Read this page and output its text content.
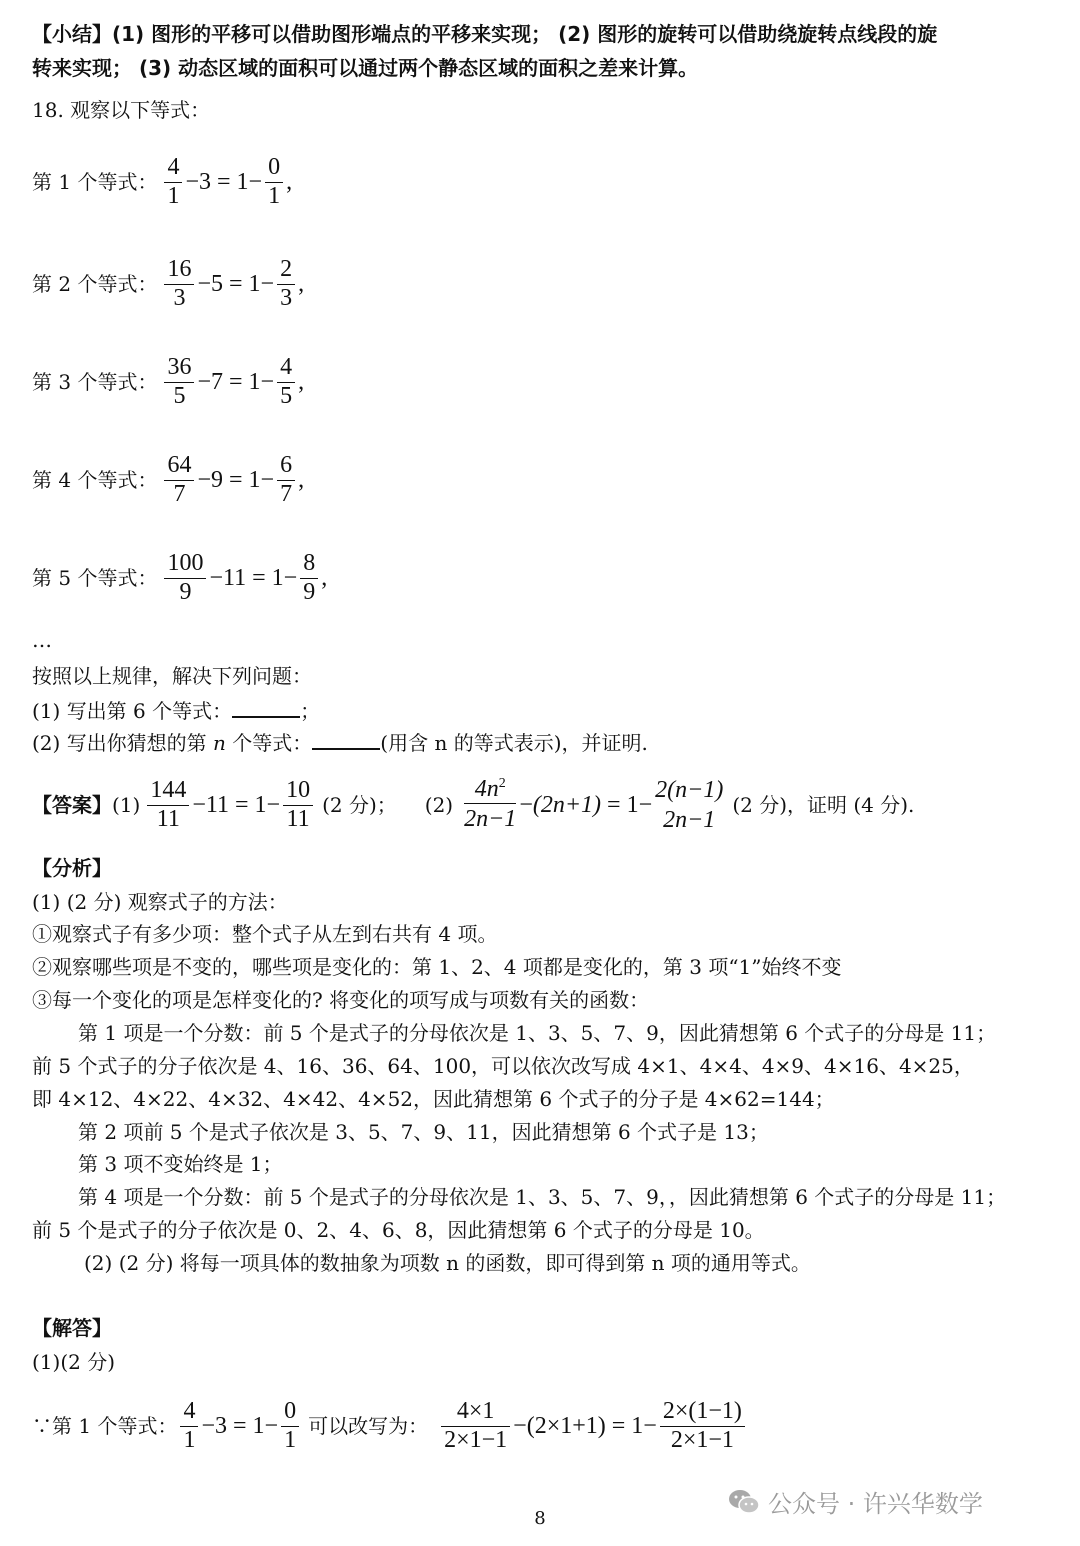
【小结】(1) 图形的平移可以借助图形端点的平移来实现； (2) 图形的旋转可以借助绕旋转点线段的旋
转来实现； (3) 动态区域的面积可以通过两个静态区域的面积之差来计算。
18. 观察以下等式：
第 1 个等式： $\frac{4}{1} - 3 = 1- \frac{0}{1}$ ,
第 2 个等式： $\frac{16}{3} - 5 = 1- \frac{2}{3}$ ,
第 3 个等式： $\frac{36}{5} - 7 = 1- \frac{4}{5}$ ,
第 4 个等式： $\frac{64}{7} - 9 = 1- \frac{6}{7}$ ,
第 5 个等式： $\frac{100}{9} - 11 = 1- \frac{8}{9}$ ,
…
按照以上规律，解决下列问题：
(1) 写出第 6 个等式：	；
(2) 写出你猜想的第 n 个等式：	(用含 n 的等式表示)，并证明.
【答案】 $(1) \frac{144}{11} - 11 = 1- \frac{10}{11} (2$ 分)； $(2) \frac{4n^2}{2n-1} - (2n+1) = 1-$
2(n−1)
2n−1
(2 分)，证明 (4 分).
【分析】
(1) (2 分) 观察式子的方法：
①观察式子有多少项：整个式子从左到右共有 4 项。
②观察哪些项是不变的，哪些项是变化的：第 1、2、4 项都是变化的，第 3 项“1”始终不变
③每一个变化的项是怎样变化的? 将变化的项写成与项数有关的函数：
第 1 项是一个分数：前 5 个是式子的分母依次是 1、3、5、7、9，因此猜想第 6 个式子的分母是 11；
前 5 个式子的分子依次是 4、16、36、64、100，可以依次改写成 4×1、4×4、4×9、4×16、4×25，
即 4×12、4×22、4×32、4×42、4×52，因此猜想第 6 个式子的分子是 4×62=144；
第 2 项前 5 个是式子依次是 3、5、7、9、11，因此猜想第 6 个式子是 13；
第 3 项不变始终是 1；
第 4 项是一个分数：前 5 个是式子的分母依次是 1、3、5、7、9，，因此猜想第 6 个式子的分母是 11；
前 5 个是式子的分子依次是 0、2、4、6、8，因此猜想第 6 个式子的分母是 10。
(2) (2 分) 将每一项具体的数抽象为项数 n 的函数，即可得到第 n 项的通用等式。
【解答】
(1)(2 分)
∵第 1 个等式： $\frac{4}{1} - 3 = 1- \frac{0}{1}$ 可以改写为： $\frac{4\times 1}{2\times 1-1} - (2\times 1+1) = 1- \frac{2\times(1-1)}{2\times 1-1}$
公众号 · 许兴华数学
8
